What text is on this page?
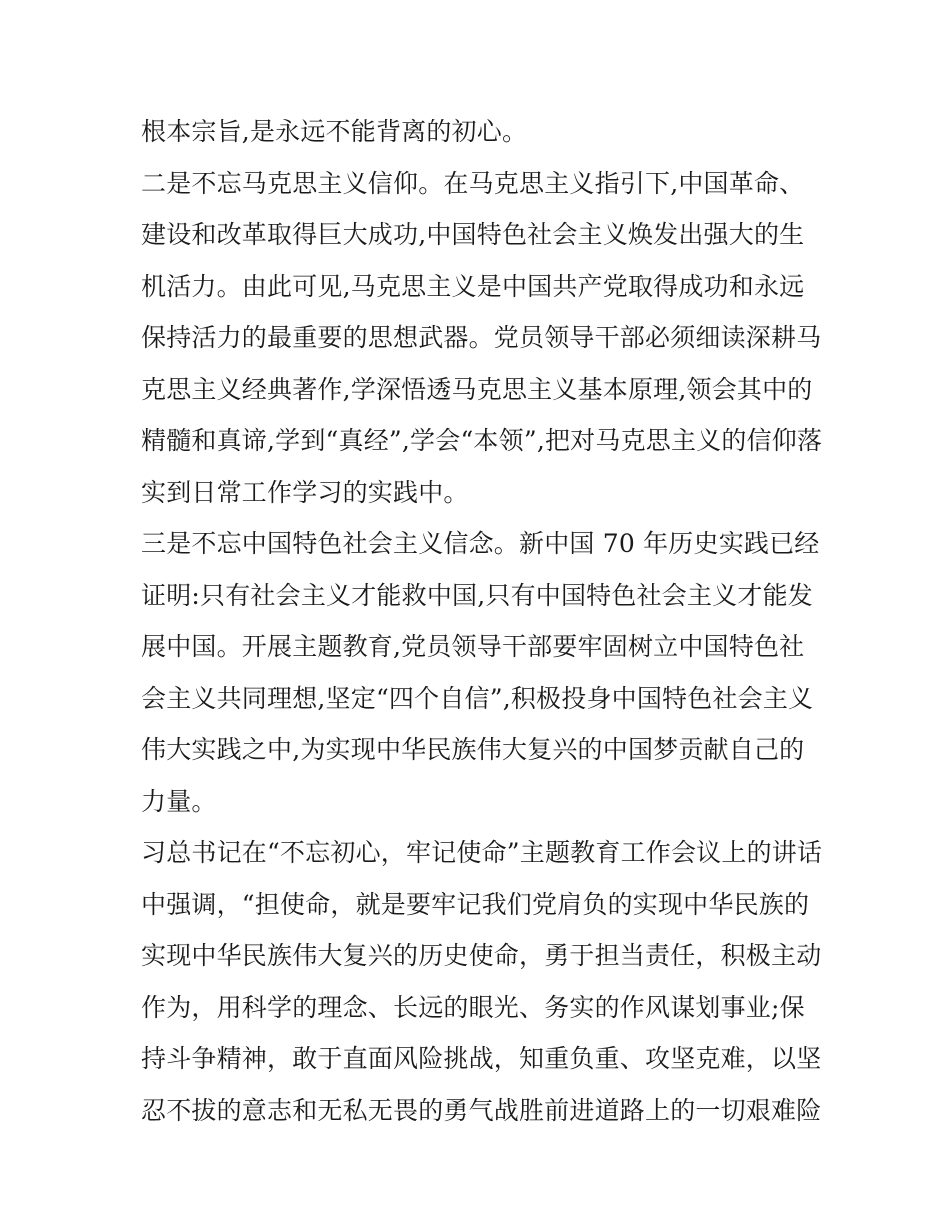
根本宗旨,是永远不能背离的初心。
二是不忘马克思主义信仰。在马克思主义指引下,中国革命、
建设和改革取得巨大成功,中国特色社会主义焕发出强大的生
机活力。由此可见,马克思主义是中国共产党取得成功和永远
保持活力的最重要的思想武器。党员领导干部必须细读深耕马
克思主义经典著作,学深悟透马克思主义基本原理,领会其中的
精髓和真谛,学到“真经”,学会“本领”,把对马克思主义的信仰落
实到日常工作学习的实践中。
三是不忘中国特色社会主义信念。新中国 70 年历史实践已经
证明:只有社会主义才能救中国,只有中国特色社会主义才能发
展中国。开展主题教育,党员领导干部要牢固树立中国特色社
会主义共同理想,坚定“四个自信”,积极投身中国特色社会主义
伟大实践之中,为实现中华民族伟大复兴的中国梦贡献自己的
力量。
习总书记在“不忘初心，牢记使命”主题教育工作会议上的讲话
中强调，“担使命，就是要牢记我们党肩负的实现中华民族的
实现中华民族伟大复兴的历史使命，勇于担当责任，积极主动
作为，用科学的理念、长远的眼光、务实的作风谋划事业;保
持斗争精神，敢于直面风险挑战，知重负重、攻坚克难，以坚
忍不拔的意志和无私无畏的勇气战胜前进道路上的一切艰难险
